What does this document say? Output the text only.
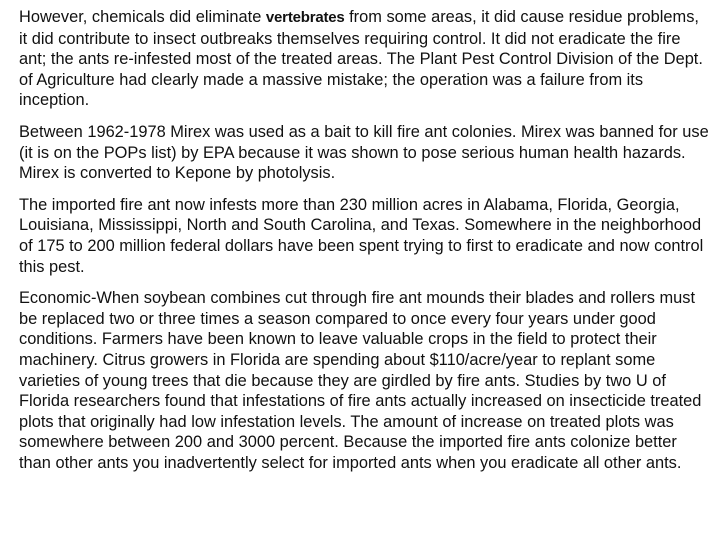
However, chemicals did eliminate vertebrates from some areas, it did cause residue problems, it did contribute to insect outbreaks themselves requiring control. It did not eradicate the fire ant; the ants re-infested most of the treated areas. The Plant Pest Control Division of the Dept. of Agriculture had clearly made a massive mistake; the operation was a failure from its inception.

Between 1962-1978 Mirex was used as a bait to kill fire ant colonies. Mirex was banned for use (it is on the POPs list) by EPA because it was shown to pose serious human health hazards. Mirex is converted to Kepone by photolysis.

The imported fire ant now infests more than 230 million acres in Alabama, Florida, Georgia, Louisiana, Mississippi, North and South Carolina, and Texas. Somewhere in the neighborhood of 175 to 200 million federal dollars have been spent trying to first to eradicate and now control this pest.

Economic-When soybean combines cut through fire ant mounds their blades and rollers must be replaced two or three times a season compared to once every four years under good conditions. Farmers have been known to leave valuable crops in the field to protect their machinery. Citrus growers in Florida are spending about $110/acre/year to replant some varieties of young trees that die because they are girdled by fire ants. Studies by two U of Florida researchers found that infestations of fire ants actually increased on insecticide treated plots that originally had low infestation levels. The amount of increase on treated plots was somewhere between 200 and 3000 percent. Because the imported fire ants colonize better than other ants you inadvertently select for imported ants when you eradicate all other ants.
